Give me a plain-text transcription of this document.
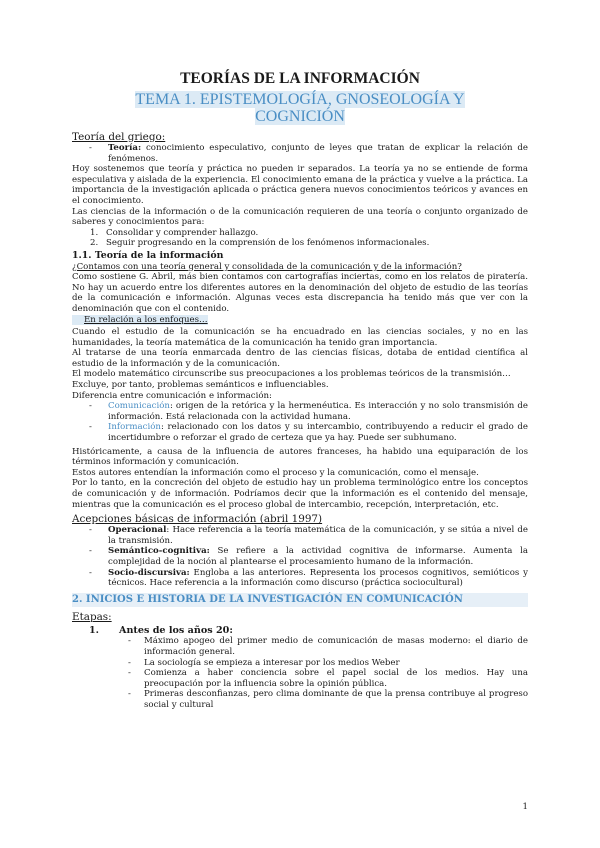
TEORÍAS DE LA INFORMACIÓN
TEMA 1. EPISTEMOLOGÍA, GNOSEOLOGÍA Y COGNICIÓN
Teoría del griego:
- Teoría: conocimiento especulativo, conjunto de leyes que tratan de explicar la relación de fenómenos.

Hoy sostenemos que teoría y práctica no pueden ir separados. La teoría ya no se entiende de forma especulativa y aislada de la experiencia. El conocimiento emana de la práctica y vuelve a la práctica. La importancia de la investigación aplicada o práctica genera nuevos conocimientos teóricos y avances en el conocimiento.

Las ciencias de la información o de la comunicación requieren de una teoría o conjunto organizado de saberes y conocimientos para:

1. Consolidar y comprender hallazgo.
2. Seguir progresando en la comprensión de los fenómenos informacionales.
1.1. Teoría de la información
¿Contamos con una teoría general y consolidada de la comunicación y de la información?

Como sostiene G. Abril, más bien contamos con cartografías inciertas, como en los relatos de piratería. No hay un acuerdo entre los diferentes autores en la denominación del objeto de estudio de las teorías de la comunicación e información. Algunas veces esta discrepancia ha tenido más que ver con la denominación que con el contenido.

En relación a los enfoques…

Cuando el estudio de la comunicación se ha encuadrado en las ciencias sociales, y no en las humanidades, la teoría matemática de la comunicación ha tenido gran importancia.

Al tratarse de una teoría enmarcada dentro de las ciencias físicas, dotaba de entidad científica al estudio de la información y de la comunicación.

El modelo matemático circunscribe sus preocupaciones a los problemas teóricos de la transmisión…

Excluye, por tanto, problemas semánticos e influenciables.

Diferencia entre comunicación e información:

- Comunicación: origen de la retórica y la hermenéutica. Es interacción y no solo transmisión de información. Está relacionada con la actividad humana.
- Información: relacionado con los datos y su intercambio, contribuyendo a reducir el grado de incertidumbre o reforzar el grado de certeza que ya hay. Puede ser subhumano.

Históricamente, a causa de la influencia de autores franceses, ha habido una equiparación de los términos información y comunicación.

Estos autores entendían la información como el proceso y la comunicación, como el mensaje.

Por lo tanto, en la concreción del objeto de estudio hay un problema terminológico entre los conceptos de comunicación y de información. Podríamos decir que la información es el contenido del mensaje, mientras que la comunicación es el proceso global de intercambio, recepción, interpretación, etc.

Acepciones básicas de información (abril 1997)
- Operacional: Hace referencia a la teoría matemática de la comunicación, y se sitúa a nivel de la transmisión.
- Semántico-cognitiva: Se refiere a la actividad cognitiva de informarse. Aumenta la complejidad de la noción al plantearse el procesamiento humano de la información.
- Socio-discursiva: Engloba a las anteriores. Representa los procesos cognitivos, semióticos y técnicos. Hace referencia a la información como discurso (práctica sociocultural)
2. INICIOS E HISTORIA DE LA INVESTIGACIÓN EN COMUNICACIÓN
Etapas:
1.	Antes de los años 20:
- Máximo apogeo del primer medio de comunicación de masas moderno: el diario de información general.
- La sociología se empieza a interesar por los medios Weber
- Comienza a haber conciencia sobre el papel social de los medios. Hay una preocupación por la influencia sobre la opinión pública.
- Primeras desconfianzas, pero clima dominante de que la prensa contribuye al progreso social y cultural
1
